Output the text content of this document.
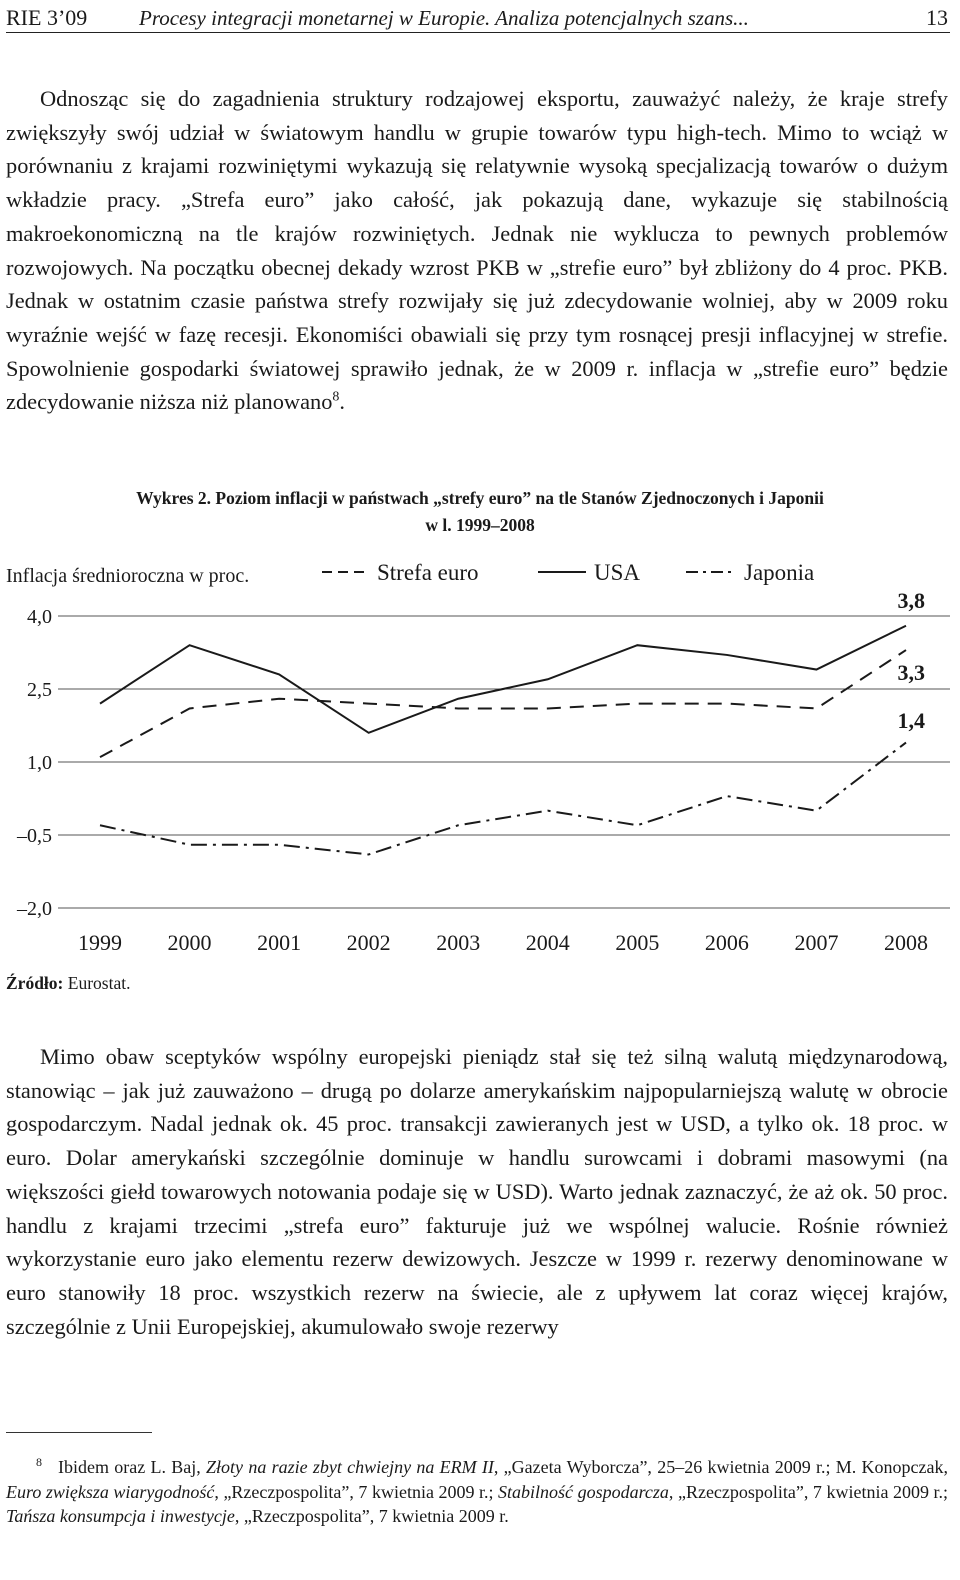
RIE 3’09 Procesy integracji monetarnej w Europie. Analiza potencjalnych szans...	13

Odnosząc się do zagadnienia struktury rodzajowej eksportu, zauważyć należy, że kraje strefy zwiększyły swój udział w światowym handlu w grupie towarów typu high-tech. Mimo to wciąż w porównaniu z krajami rozwiniętymi wykazują się relatywnie wysoką specjalizacją towarów o dużym wkładzie pracy. „Strefa euro” jako całość, jak pokazują dane, wykazuje się stabilnością makroekonomiczną na tle krajów rozwiniętych. Jednak nie wyklucza to pewnych problemów rozwojowych. Na początku obecnej dekady wzrost PKB w „strefie euro” był zbliżony do 4 proc. PKB. Jednak w ostatnim czasie państwa strefy rozwijały się już zdecydowanie wolniej, aby w 2009 roku wyraźnie wejść w fazę recesji. Ekonomiści obawiali się przy tym rosnącej presji inflacyjnej w strefie. Spowolnienie gospodarki światowej sprawiło jednak, że w 2009 r. inflacja w „strefie euro” będzie zdecydowanie niższa niż planowano$^8$.

Wykres 2. Poziom inflacji w państwach „strefy euro” na tle Stanów Zjednoczonych i Japonii
w l. 1999–2008
Inflacja średnioroczna w proc.	Strefa euro	USA	Japonia
4,0
2,5
1,0
–0,5
–2,0
1999 2000 2001 2002 2003 2004 2005 2006 2007 2008
3,3
3,8
1,4
Źródło: Eurostat.

Mimo obaw sceptyków wspólny europejski pieniądz stał się też silną walutą międzynarodową, stanowiąc – jak już zauważono – drugą po dolarze amerykańskim najpopularniejszą walutę w obrocie gospodarczym. Nadal jednak ok. 45 proc. transakcji zawieranych jest w USD, a tylko ok. 18 proc. w euro. Dolar amerykański szczególnie dominuje w handlu surowcami i dobrami masowymi (na większości giełd towarowych notowania podaje się w USD). Warto jednak zaznaczyć, że aż ok. 50 proc. handlu z krajami trzecimi „strefa euro” fakturuje już we wspólnej walucie. Rośnie również wykorzystanie euro jako elementu rezerw dewizowych. Jeszcze w 1999 r. rezerwy denominowane w euro stanowiły 18 proc. wszystkich rezerw na świecie, ale z upływem lat coraz więcej krajów, szczególnie z Unii Europejskiej, akumulowało swoje rezerwy

$^8$ Ibidem oraz L. Baj, Złoty na razie zbyt chwiejny na ERM II, „Gazeta Wyborcza”, 25–26 kwietnia 2009 r.; M. Konopczak, Euro zwiększa wiarygodność, „Rzeczpospolita”, 7 kwietnia 2009 r.; Stabilność gospodarcza, „Rzeczpospolita”, 7 kwietnia 2009 r.; Tańsza konsumpcja i inwestycje, „Rzeczpospolita”, 7 kwietnia 2009 r.
